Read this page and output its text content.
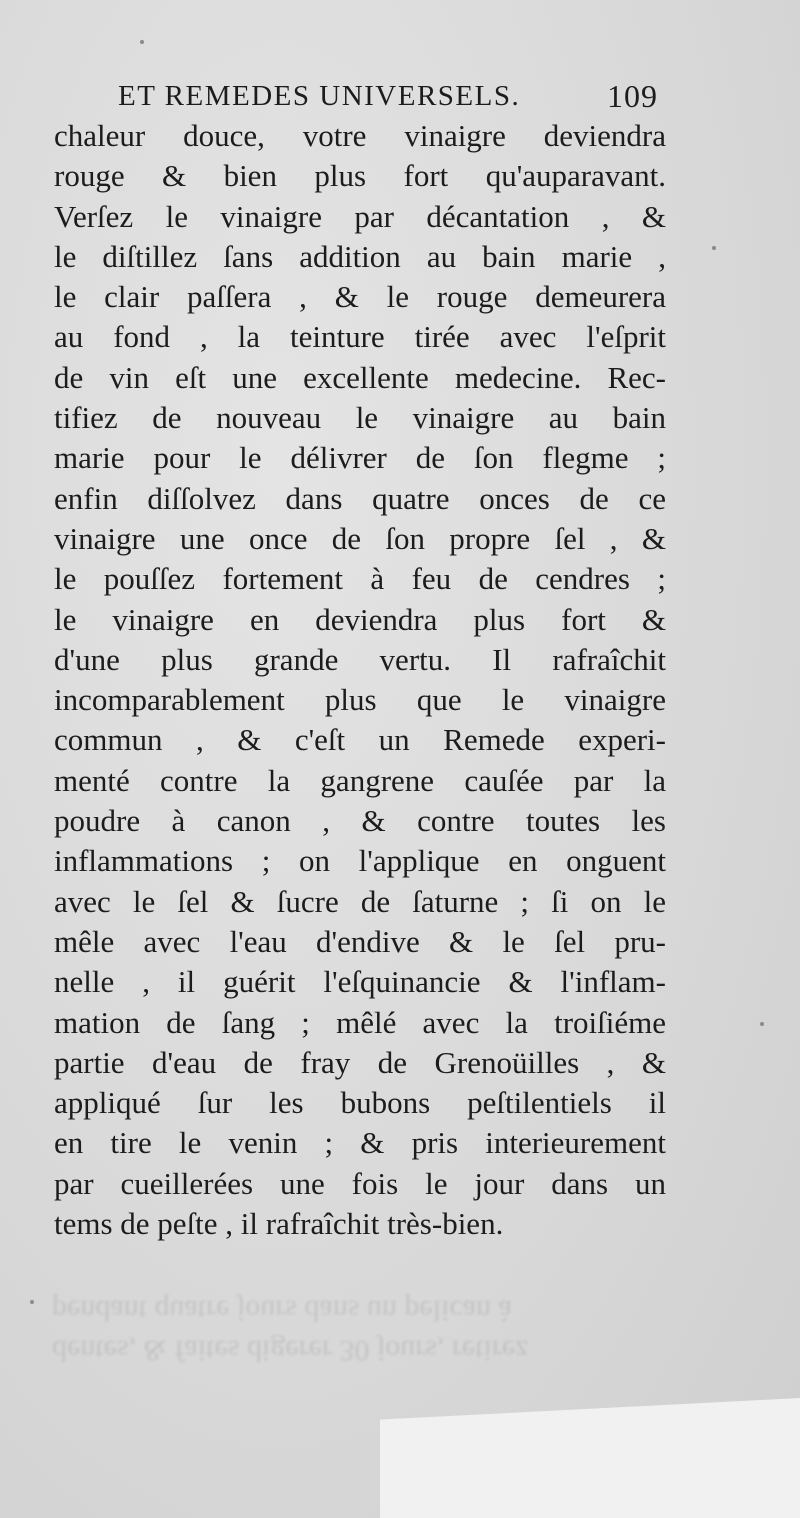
ET REMEDES UNIVERSELS.	109
chaleur douce, votre vinaigre deviendra
rouge & bien plus fort qu'auparavant.
Verſez le vinaigre par décantation , &
le diſtillez ſans addition au bain marie ,
le clair paſſera , & le rouge demeurera
au fond , la teinture tirée avec l'eſprit
de vin eſt une excellente medecine. Rec-
tifiez de nouveau le vinaigre au bain
marie pour le délivrer de ſon flegme ;
enfin diſſolvez dans quatre onces de ce
vinaigre une once de ſon propre ſel , &
le pouſſez fortement à feu de cendres ;
le vinaigre en deviendra plus fort &
d'une plus grande vertu. Il rafraîchit
incomparablement plus que le vinaigre
commun , & c'eſt un Remede experi-
menté contre la gangrene cauſée par la
poudre à canon , & contre toutes les
inflammations ; on l'applique en onguent
avec le ſel & ſucre de ſaturne ; ſi on le
mêle avec l'eau d'endive & le ſel pru-
nelle , il guérit l'eſquinancie & l'inflam-
mation de ſang ; mêlé avec la troiſiéme
partie d'eau de fray de Grenoüilles , &
appliqué ſur les bubons peſtilentiels il
en tire le venin ; & pris interieurement
par cueillerées une fois le jour dans un
tems de peſte , il rafraîchit très-bien.
dentes, & faites digerer 30 jours, retirez
pendant quatre jours dans un pelican à
